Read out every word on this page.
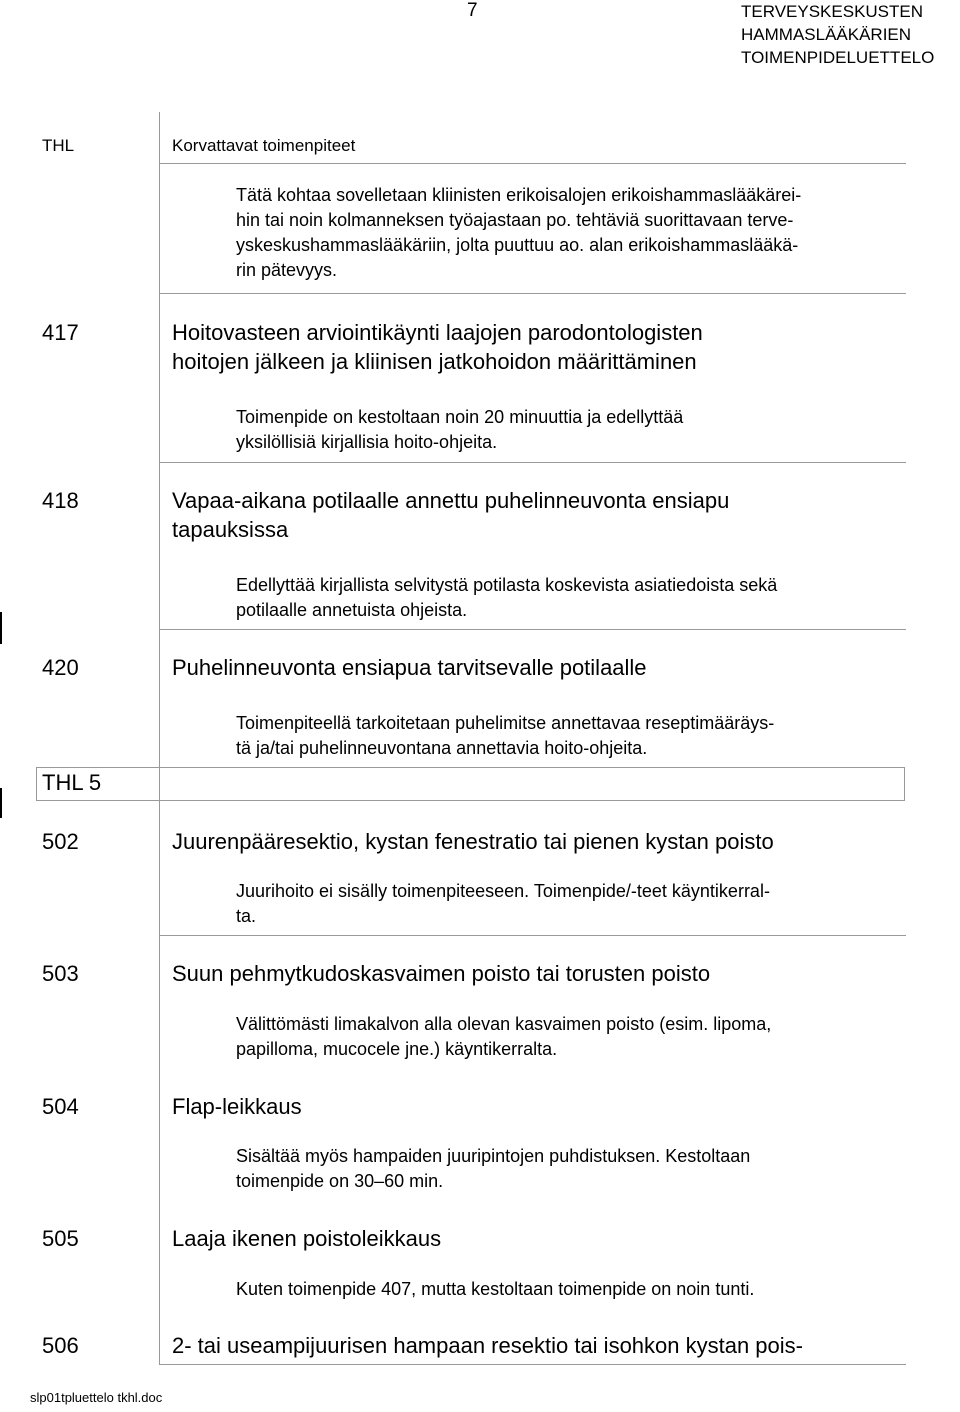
7	TERVEYSKESKUSTEN
HAMMASLÄÄKÄRIEN
TOIMENPIDELUETTELO
THL	Korvattavat toimenpiteet
Tätä kohtaa sovelletaan kliinisten erikoisalojen erikoishammaslääkärei-
hin tai noin kolmanneksen työajastaan po. tehtäviä suorittavaan terve-
yskeskushammaslääkäriin, jolta puuttuu ao. alan erikoishammaslääkä-
rin pätevyys.
417	Hoitovasteen arviointikäynti laajojen parodontologisten
hoitojen jälkeen ja kliinisen jatkohoidon määrittäminen
Toimenpide on kestoltaan noin 20 minuuttia ja edellyttää
yksilöllisiä kirjallisia hoito-ohjeita.
418	Vapaa-aikana potilaalle annettu puhelinneuvonta ensiapu
tapauksissa
Edellyttää kirjallista selvitystä potilasta koskevista asiatiedoista sekä
potilaalle annetuista ohjeista.
420	Puhelinneuvonta ensiapua tarvitsevalle potilaalle
Toimenpiteellä tarkoitetaan puhelimitse annettavaa reseptimääräys-
tä ja/tai puhelinneuvontana annettavia hoito-ohjeita.
THL 5
502	Juurenpääresektio, kystan fenestratio tai pienen kystan poisto
Juurihoito ei sisälly toimenpiteeseen. Toimenpide/-teet käyntikerral-
ta.
503	Suun pehmytkudoskasvaimen poisto tai torusten poisto
Välittömästi limakalvon alla olevan kasvaimen poisto (esim. lipoma,
papilloma, mucocele jne.) käyntikerralta.
504	Flap-leikkaus
Sisältää myös hampaiden juuripintojen puhdistuksen. Kestoltaan
toimenpide on 30–60 min.
505	Laaja ikenen poistoleikkaus
Kuten toimenpide 407, mutta kestoltaan toimenpide on noin tunti.
506	2- tai useampijuurisen hampaan resektio tai isohkon kystan pois-
slp01tpluettelo tkhl.doc
